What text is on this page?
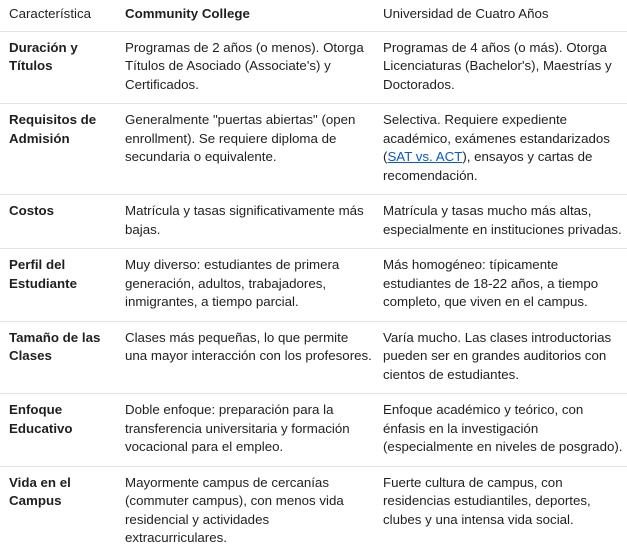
Característica	Community College	Universidad de Cuatro Años
Duración y Títulos	Programas de 2 años (o menos). Otorga Títulos de Asociado (Associate's) y Certificados.	Programas de 4 años (o más). Otorga Licenciaturas (Bachelor's), Maestrías y Doctorados.
Requisitos de Admisión	Generalmente "puertas abiertas" (open enrollment). Se requiere diploma de secundaria o equivalente.	Selectiva. Requiere expediente académico, exámenes estandarizados (SAT vs. ACT), ensayos y cartas de recomendación.
Costos	Matrícula y tasas significativamente más bajas.	Matrícula y tasas mucho más altas, especialmente en instituciones privadas.
Perfil del Estudiante	Muy diverso: estudiantes de primera generación, adultos, trabajadores, inmigrantes, a tiempo parcial.	Más homogéneo: típicamente estudiantes de 18-22 años, a tiempo completo, que viven en el campus.
Tamaño de las Clases	Clases más pequeñas, lo que permite una mayor interacción con los profesores.	Varía mucho. Las clases introductorias pueden ser en grandes auditorios con cientos de estudiantes.
Enfoque Educativo	Doble enfoque: preparación para la transferencia universitaria y formación vocacional para el empleo.	Enfoque académico y teórico, con énfasis en la investigación (especialmente en niveles de posgrado).
Vida en el Campus	Mayormente campus de cercanías (commuter campus), con menos vida residencial y actividades extracurriculares.	Fuerte cultura de campus, con residencias estudiantiles, deportes, clubes y una intensa vida social.
